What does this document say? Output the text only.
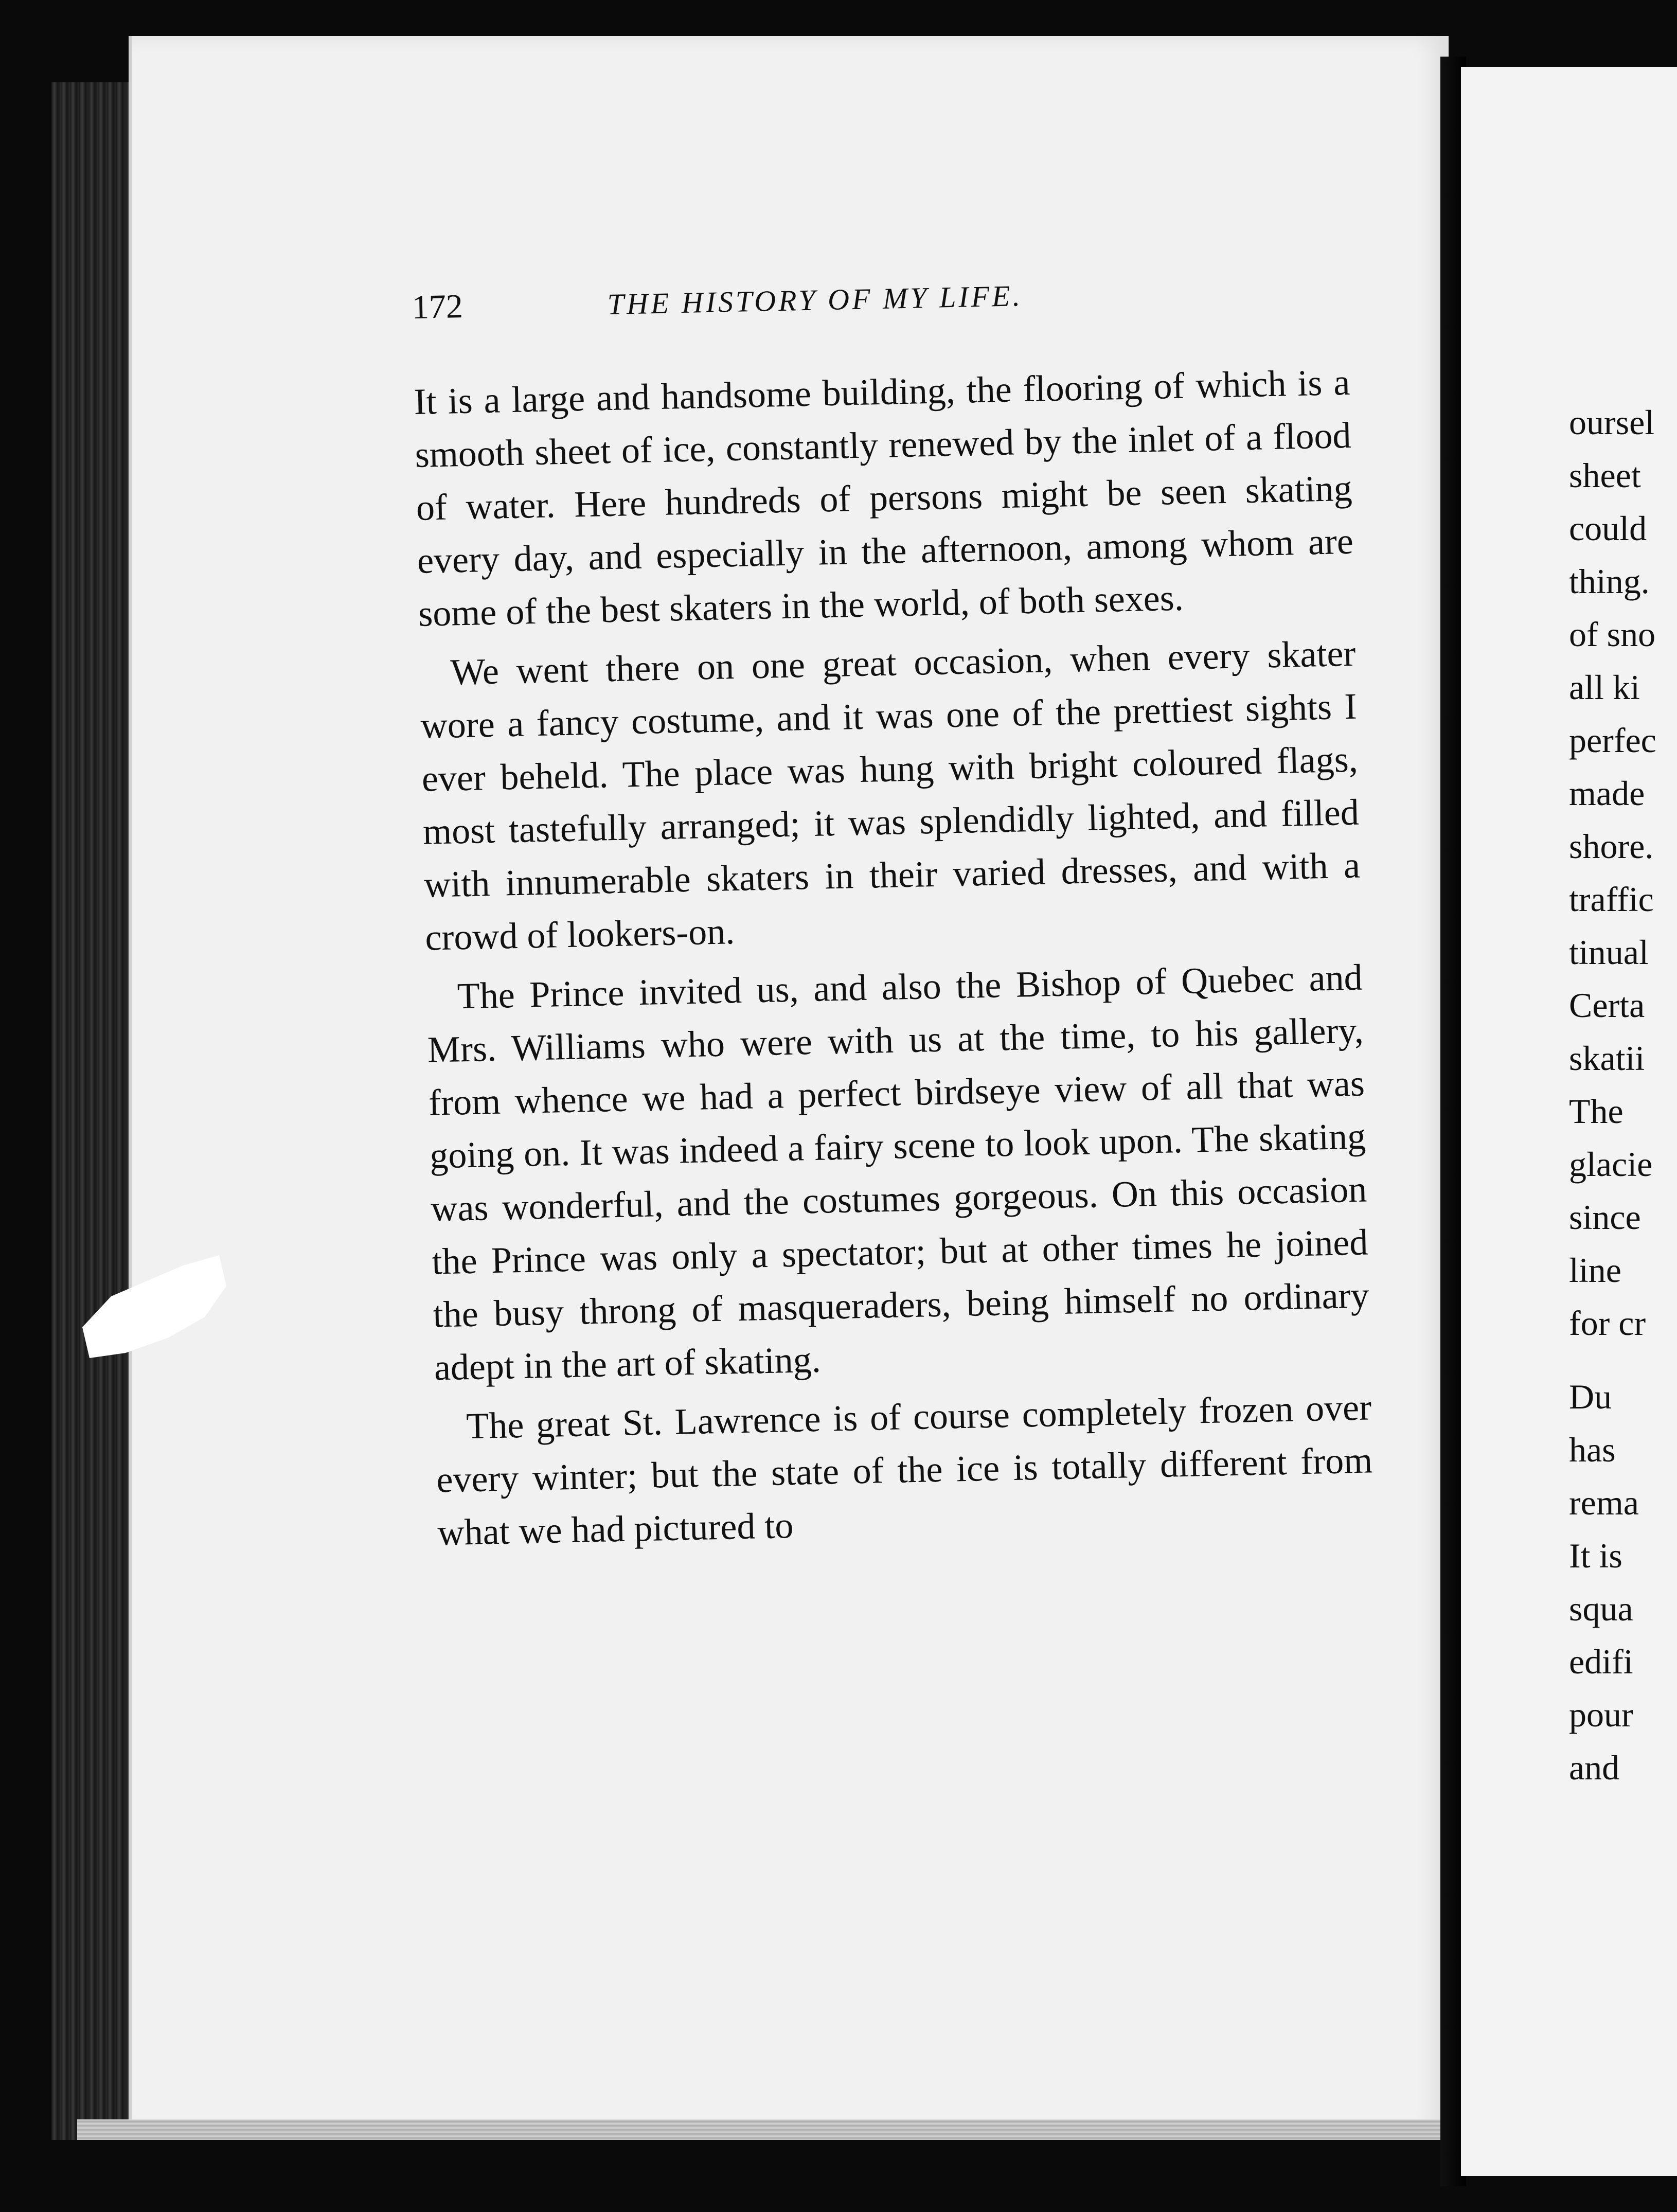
172	THE HISTORY OF MY LIFE.

It is a large and handsome building, the flooring of which is a smooth sheet of ice, constantly renewed by the inlet of a flood of water. Here hundreds of persons might be seen skating every day, and especially in the afternoon, among whom are some of the best skaters in the world, of both sexes.

We went there on one great occasion, when every skater wore a fancy costume, and it was one of the prettiest sights I ever beheld. The place was hung with bright coloured flags, most tastefully arranged; it was splendidly lighted, and filled with innumerable skaters in their varied dresses, and with a crowd of lookers-on.

The Prince invited us, and also the Bishop of Quebec and Mrs. Williams who were with us at the time, to his gallery, from whence we had a perfect birdseye view of all that was going on. It was indeed a fairy scene to look upon. The skating was wonderful, and the costumes gorgeous. On this occasion the Prince was only a spectator; but at other times he joined the busy throng of masqueraders, being himself no ordinary adept in the art of skating.

The great St. Lawrence is of course completely frozen over every winter; but the state of the ice is totally different from what we had pictured to

oursel
sheet
could
thing.
of sno
all ki
perfec
made
shore.
traffic
tinual
Certa
skatii
The
glacie
since
line
for cr
Du
has
rema
It is
squa
edifi
pour
and
